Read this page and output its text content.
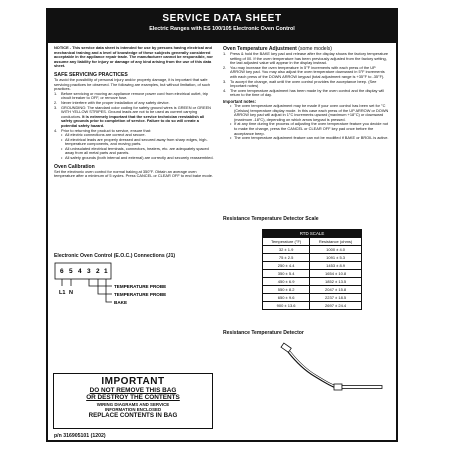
SERVICE DATA SHEET
Electric Ranges with ES 100/105 Electronic Oven Control
NOTICE - This service data sheet is intended for use by persons having electrical and mechanical training and a level of knowledge of these subjects generally considered acceptable in the appliance repair trade. The manufacturer cannot be responsible, nor assume any liability for injury or damage of any kind arising from the use of this data sheet.
SAFE SERVICING PRACTICES
To avoid the possibility of personal injury and/or property damage, it is important that safe servicing practices be observed. The following are examples, but without limitation, of such practices.
1. Before servicing or moving an appliance remove power cord from electrical outlet, trip circuit breaker to OFF, or remove fuse.
2. Never interfere with the proper installation of any safety device.
3. GROUNDING: The standard color coding for safety ground wires is GREEN or GREEN WITH YELLOW STRIPES. Ground leads are not to be used as current carrying conductors. It is extremely important that the service technician reestablish all safety grounds prior to completion of service. Failure to do so will create a potential safety hazard.
4. Prior to returning the product to service, ensure that:
• All electric connections are correct and secure.
• All electrical leads are properly dressed and secured away from sharp edges, high-temperature components, and moving parts.
• All uninsulated electrical terminals, connectors, heaters, etc. are adequately spaced away from all metal parts and panels.
• All safety grounds (both internal and external) are correctly and securely reassembled.
Oven Calibration
Set the electronic oven control for normal baking at 350°F. Obtain an average oven temperature after a minimum of 5 cycles. Press CANCEL or CLEAR OFF to end bake mode.
Electronic Oven Control (E.O.C.) Connections (J1)
6 5 4 3 2 1
L1 N
TEMPERATURE PROBE
TEMPERATURE PROBE
BAKE
IMPORTANT
DO NOT REMOVE THIS BAG
OR DESTROY THE CONTENTS
WIRING DIAGRAMS AND SERVICE
INFORMATION ENCLOSED
REPLACE CONTENTS IN BAG
p/n 316905101 (1202)
Oven Temperature Adjustment (some models)
1. Press & hold the BAKE key pad and release after the display shows the factory temperature setting of 00. If the oven temperature has been previously adjusted from the factory setting, the last adjusted value will appear in the display instead.
2. You may increase the oven temperature in 5°F increments with each press of the UP ARROW key pad. You may also adjust the oven temperature downward in 5°F increments with each press of the DOWN ARROW keypad (total adjustment range is +35°F to -35°F).
3. To accept the change, wait until the oven control provides the acceptance beep. (See Important notes)
4. The oven temperature adjustment has been made by the oven control and the display will return to the time of day.
Important notes:
• The oven temperature adjustment may be made if your oven control has been set for °C (Celsius) temperature display mode. In this case each press of the UP ARROW or DOWN ARROW key pad will adjust in 1°C increments upward (maximum +18°C) or downward (maximum -18°C), depending on which arrow keypad is pressed.
• If at any time during the process of adjusting the oven temperature feature you decide not to make the change, press the CANCEL or CLEAR OFF key pad once before the acceptance beep.
• The oven temperature adjustment feature can not be modified if BAKE or BROIL is active.
Resistance Temperature Detector Scale
RTD SCALE	
Temperature (°F)	Resistance (ohms)
32 ± 1.9	1000 ± 4.0
75 ± 2.5	1091 ± 5.3
250 ± 4.4	1453 ± 8.9
350 ± 5.4	1654 ± 10.8
450 ± 6.9	1852 ± 13.5
550 ± 8.2	2047 ± 15.8
650 ± 9.6	2237 ± 18.5
900 ± 13.6	2697 ± 24.4
Resistance Temperature Detector
